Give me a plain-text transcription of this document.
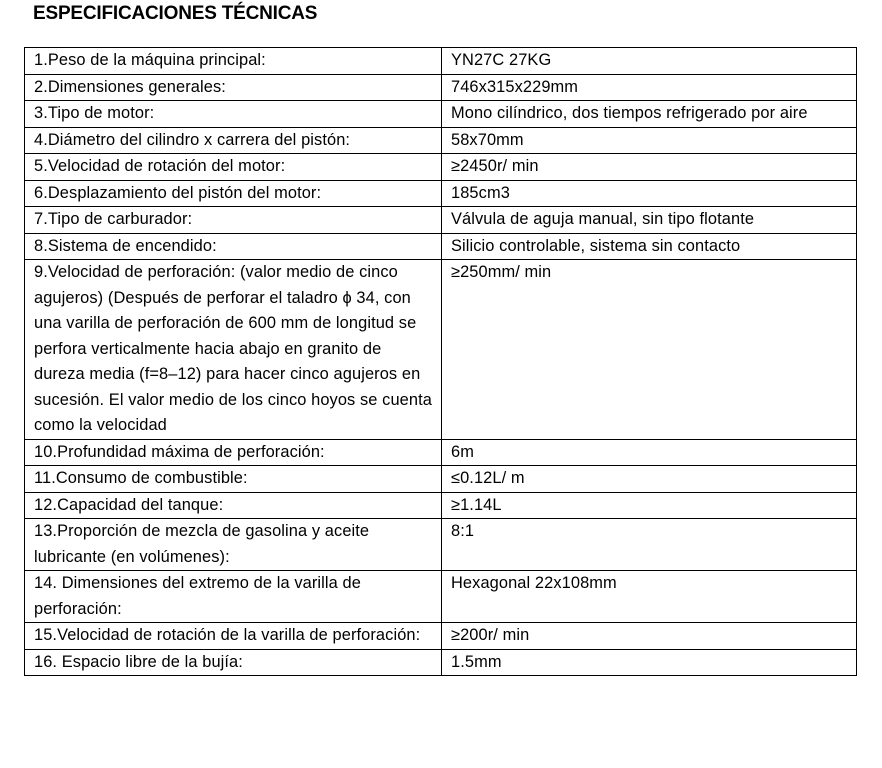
ESPECIFICACIONES TÉCNICAS
1.Peso de la máquina principal:	YN27C 27KG
2.Dimensiones generales:	746x315x229mm
3.Tipo de motor:	Mono cilíndrico, dos tiempos refrigerado por aire
4.Diámetro del cilindro x carrera del pistón:	58x70mm
5.Velocidad de rotación del motor:	≥2450r/ min
6.Desplazamiento del pistón del motor:	185cm3
7.Tipo de carburador:	Válvula de aguja manual, sin tipo flotante
8.Sistema de encendido:	Silicio controlable, sistema sin contacto
9.Velocidad de perforación: (valor medio de cinco agujeros) (Después de perforar el taladro ϕ 34, con una varilla de perforación de 600 mm de longitud se perfora verticalmente hacia abajo en granito de dureza media (f=8–12) para hacer cinco agujeros en sucesión. El valor medio de los cinco hoyos se cuenta como la velocidad	≥250mm/ min
10.Profundidad máxima de perforación:	6m
11.Consumo de combustible:	≤0.12L/ m
12.Capacidad del tanque:	≥1.14L
13.Proporción de mezcla de gasolina y aceite lubricante (en volúmenes):	8:1
14. Dimensiones del extremo de la varilla de perforación:	Hexagonal 22x108mm
15.Velocidad de rotación de la varilla de perforación:	≥200r/ min
16. Espacio libre de la bujía:	1.5mm
